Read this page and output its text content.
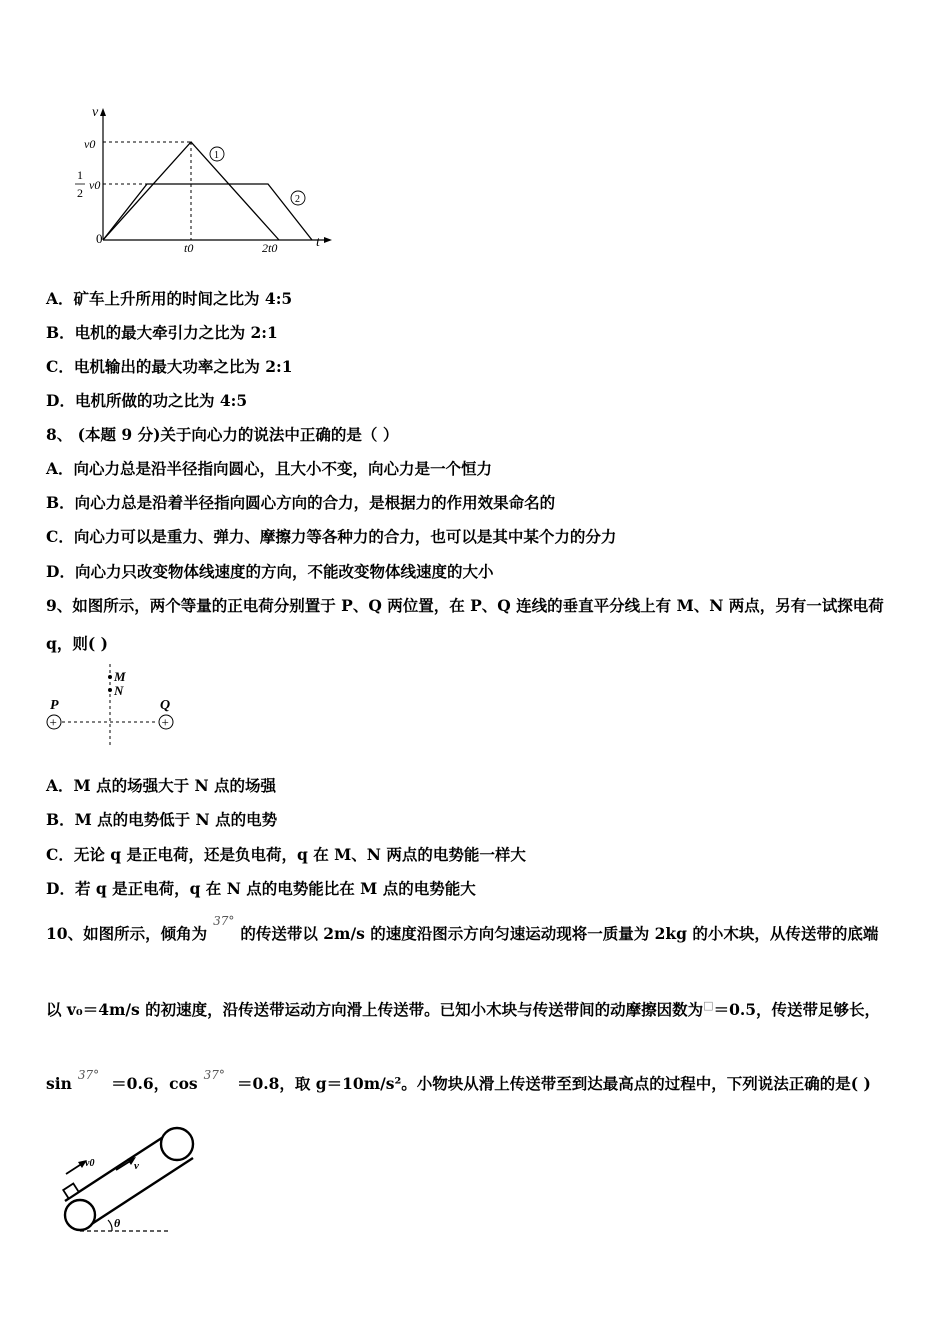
v
t
0
v0
1
2
v0
t0	2t0
1
2
A．矿车上升所用的时间之比为 4:5
B．电机的最大牵引力之比为 2:1
C．电机输出的最大功率之比为 2:1
D．电机所做的功之比为 4:5
8、 (本题 9 分)关于向心力的说法中正确的是（ ）
A．向心力总是沿半径指向圆心，且大小不变，向心力是一个恒力
B．向心力总是沿着半径指向圆心方向的合力，是根据力的作用效果命名的
C．向心力可以是重力、弹力、摩擦力等各种力的合力，也可以是其中某个力的分力
D．向心力只改变物体线速度的方向，不能改变物体线速度的大小
9、如图所示，两个等量的正电荷分别置于 P、Q 两位置，在 P、Q 连线的垂直平分线上有 M、N 两点，另有一试探电荷
q，则( )
M
N
+	+
P	Q
A．M 点的场强大于 N 点的场强
B．M 点的电势低于 N 点的电势
C．无论 q 是正电荷，还是负电荷，q 在 M、N 两点的电势能一样大
D．若 q 是正电荷，q 在 N 点的电势能比在 M 点的电势能大
10、如图所示，倾角为$^{37^\circ}$的传送带以 2m/s 的速度沿图示方向匀速运动现将一质量为 2kg 的小木块，从传送带的底端
以 v₀＝4m/s 的初速度，沿传送带运动方向滑上传送带。已知小木块与传送带间的动摩擦因数为□＝0.5，传送带足够长，
sin $^{37^\circ}$ ＝0.6，cos $^{37^\circ}$ ＝0.8，取 g＝10m/s²。小物块从滑上传送带至到达最高点的过程中，下列说法正确的是( )
v0	v
θ
